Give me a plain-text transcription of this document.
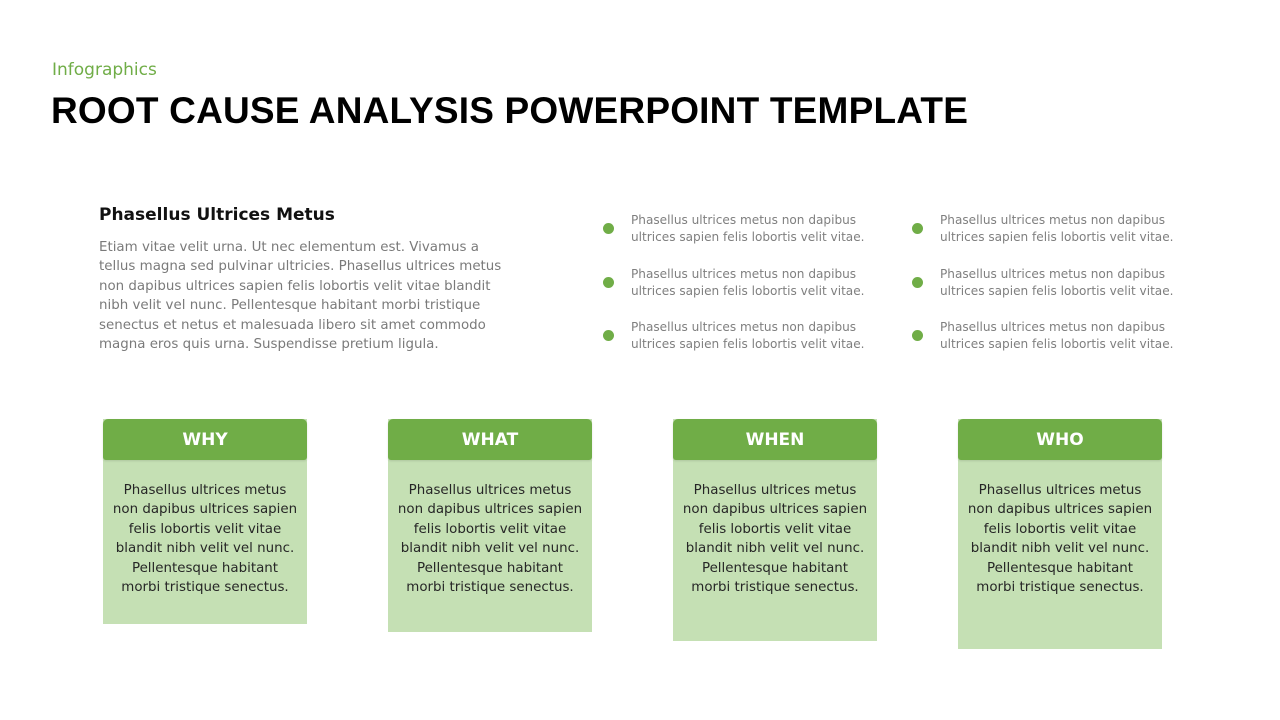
Infographics
ROOT CAUSE ANALYSIS POWERPOINT TEMPLATE
Phasellus Ultrices Metus
Etiam vitae velit urna. Ut nec elementum est. Vivamus a tellus magna sed pulvinar ultricies. Phasellus ultrices metus non dapibus ultrices sapien felis lobortis velit vitae blandit nibh velit vel nunc. Pellentesque habitant morbi tristique senectus et netus et malesuada libero sit amet commodo magna eros quis urna. Suspendisse pretium ligula.
Phasellus ultrices metus non dapibus ultrices sapien felis lobortis velit vitae.
Phasellus ultrices metus non dapibus ultrices sapien felis lobortis velit vitae.
Phasellus ultrices metus non dapibus ultrices sapien felis lobortis velit vitae.
Phasellus ultrices metus non dapibus ultrices sapien felis lobortis velit vitae.
Phasellus ultrices metus non dapibus ultrices sapien felis lobortis velit vitae.
Phasellus ultrices metus non dapibus ultrices sapien felis lobortis velit vitae.
WHY
Phasellus ultrices metus non dapibus ultrices sapien felis lobortis velit vitae blandit nibh velit vel nunc. Pellentesque habitant morbi tristique senectus.
WHAT
Phasellus ultrices metus non dapibus ultrices sapien felis lobortis velit vitae blandit nibh velit vel nunc. Pellentesque habitant morbi tristique senectus.
WHEN
Phasellus ultrices metus non dapibus ultrices sapien felis lobortis velit vitae blandit nibh velit vel nunc. Pellentesque habitant morbi tristique senectus.
WHO
Phasellus ultrices metus non dapibus ultrices sapien felis lobortis velit vitae blandit nibh velit vel nunc. Pellentesque habitant morbi tristique senectus.
